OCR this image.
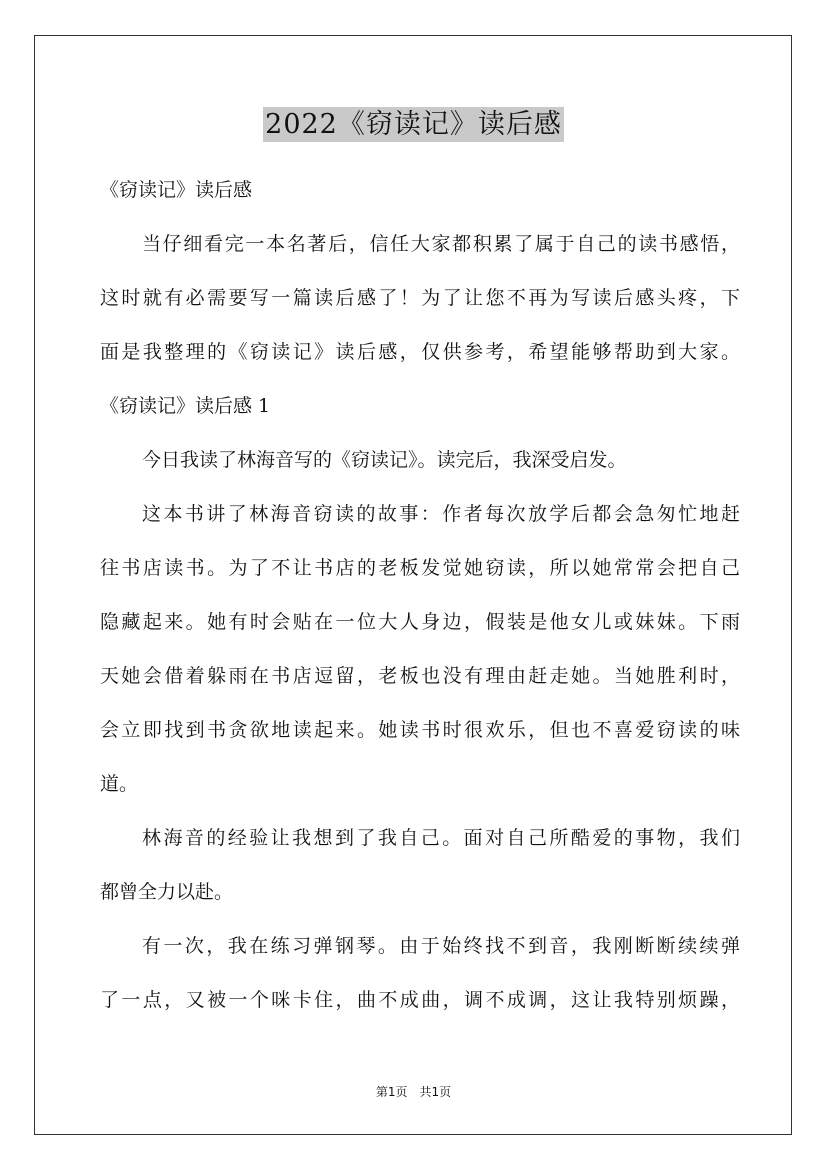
2022《窃读记》读后感
《窃读记》读后感
当仔细看完一本名著后，信任大家都积累了属于自己的读书感悟，
这时就有必需要写一篇读后感了！为了让您不再为写读后感头疼，下
面是我整理的《窃读记》读后感，仅供参考，希望能够帮助到大家。
《窃读记》读后感 1
今日我读了林海音写的《窃读记》。读完后，我深受启发。
这本书讲了林海音窃读的故事：作者每次放学后都会急匆忙地赶
往书店读书。为了不让书店的老板发觉她窃读，所以她常常会把自己
隐藏起来。她有时会贴在一位大人身边，假装是他女儿或妹妹。下雨
天她会借着躲雨在书店逗留，老板也没有理由赶走她。当她胜利时，
会立即找到书贪欲地读起来。她读书时很欢乐，但也不喜爱窃读的味
道。
林海音的经验让我想到了我自己。面对自己所酷爱的事物，我们
都曾全力以赴。
有一次，我在练习弹钢琴。由于始终找不到音，我刚断断续续弹
了一点，又被一个咪卡住，曲不成曲，调不成调，这让我特别烦躁，
第1页　共1页
